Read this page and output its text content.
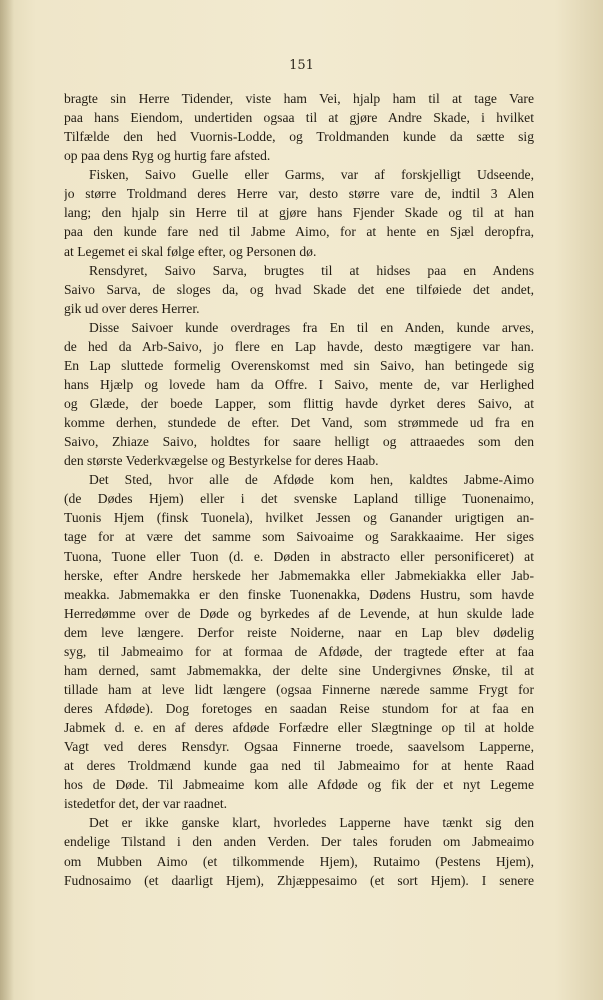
151
bragte sin Herre Tidender, viste ham Vei, hjalp ham til at tage Vare
paa hans Eiendom, undertiden ogsaa til at gjøre Andre Skade, i hvilket
Tilfælde den hed Vuornis-Lodde, og Troldmanden kunde da sætte sig
op paa dens Ryg og hurtig fare afsted.
Fisken, Saivo Guelle eller Garms, var af forskjelligt Udseende,
jo større Troldmand deres Herre var, desto større vare de, indtil 3 Alen
lang; den hjalp sin Herre til at gjøre hans Fjender Skade og til at han
paa den kunde fare ned til Jabme Aimo, for at hente en Sjæl deropfra,
at Legemet ei skal følge efter, og Personen dø.
Rensdyret, Saivo Sarva, brugtes til at hidses paa en Andens
Saivo Sarva, de sloges da, og hvad Skade det ene tilføiede det andet,
gik ud over deres Herrer.
Disse Saivoer kunde overdrages fra En til en Anden, kunde arves,
de hed da Arb-Saivo, jo flere en Lap havde, desto mægtigere var han.
En Lap sluttede formelig Overenskomst med sin Saivo, han betingede sig
hans Hjælp og lovede ham da Offre. I Saivo, mente de, var Herlighed
og Glæde, der boede Lapper, som flittig havde dyrket deres Saivo, at
komme derhen, stundede de efter. Det Vand, som strømmede ud fra en
Saivo, Zhiaze Saivo, holdtes for saare helligt og attraaedes som den
den største Vederkvægelse og Bestyrkelse for deres Haab.
Det Sted, hvor alle de Afdøde kom hen, kaldtes Jabme-Aimo
(de Dødes Hjem) eller i det svenske Lapland tillige Tuonenaimo,
Tuonis Hjem (finsk Tuonela), hvilket Jessen og Ganander urigtigen an-
tage for at være det samme som Saivoaime og Sarakkaaime. Her siges
Tuona, Tuone eller Tuon (d. e. Døden in abstracto eller personificeret) at
herske, efter Andre herskede her Jabmemakka eller Jabmekiakka eller Jab-
meakka. Jabmemakka er den finske Tuonenakka, Dødens Hustru, som havde
Herredømme over de Døde og byrkedes af de Levende, at hun skulde lade
dem leve længere. Derfor reiste Noiderne, naar en Lap blev dødelig
syg, til Jabmeaimo for at formaa de Afdøde, der tragtede efter at faa
ham derned, samt Jabmemakka, der delte sine Undergivnes Ønske, til at
tillade ham at leve lidt længere (ogsaa Finnerne nærede samme Frygt for
deres Afdøde). Dog foretoges en saadan Reise stundom for at faa en
Jabmek d. e. en af deres afdøde Forfædre eller Slægtninge op til at holde
Vagt ved deres Rensdyr. Ogsaa Finnerne troede, saavelsom Lapperne,
at deres Troldmænd kunde gaa ned til Jabmeaimo for at hente Raad
hos de Døde. Til Jabmeaime kom alle Afdøde og fik der et nyt Legeme
istedetfor det, der var raadnet.
Det er ikke ganske klart, hvorledes Lapperne have tænkt sig den
endelige Tilstand i den anden Verden. Der tales foruden om Jabmeaimo
om Mubben Aimo (et tilkommende Hjem), Rutaimo (Pestens Hjem),
Fudnosaimo (et daarligt Hjem), Zhjæppesaimo (et sort Hjem). I senere
